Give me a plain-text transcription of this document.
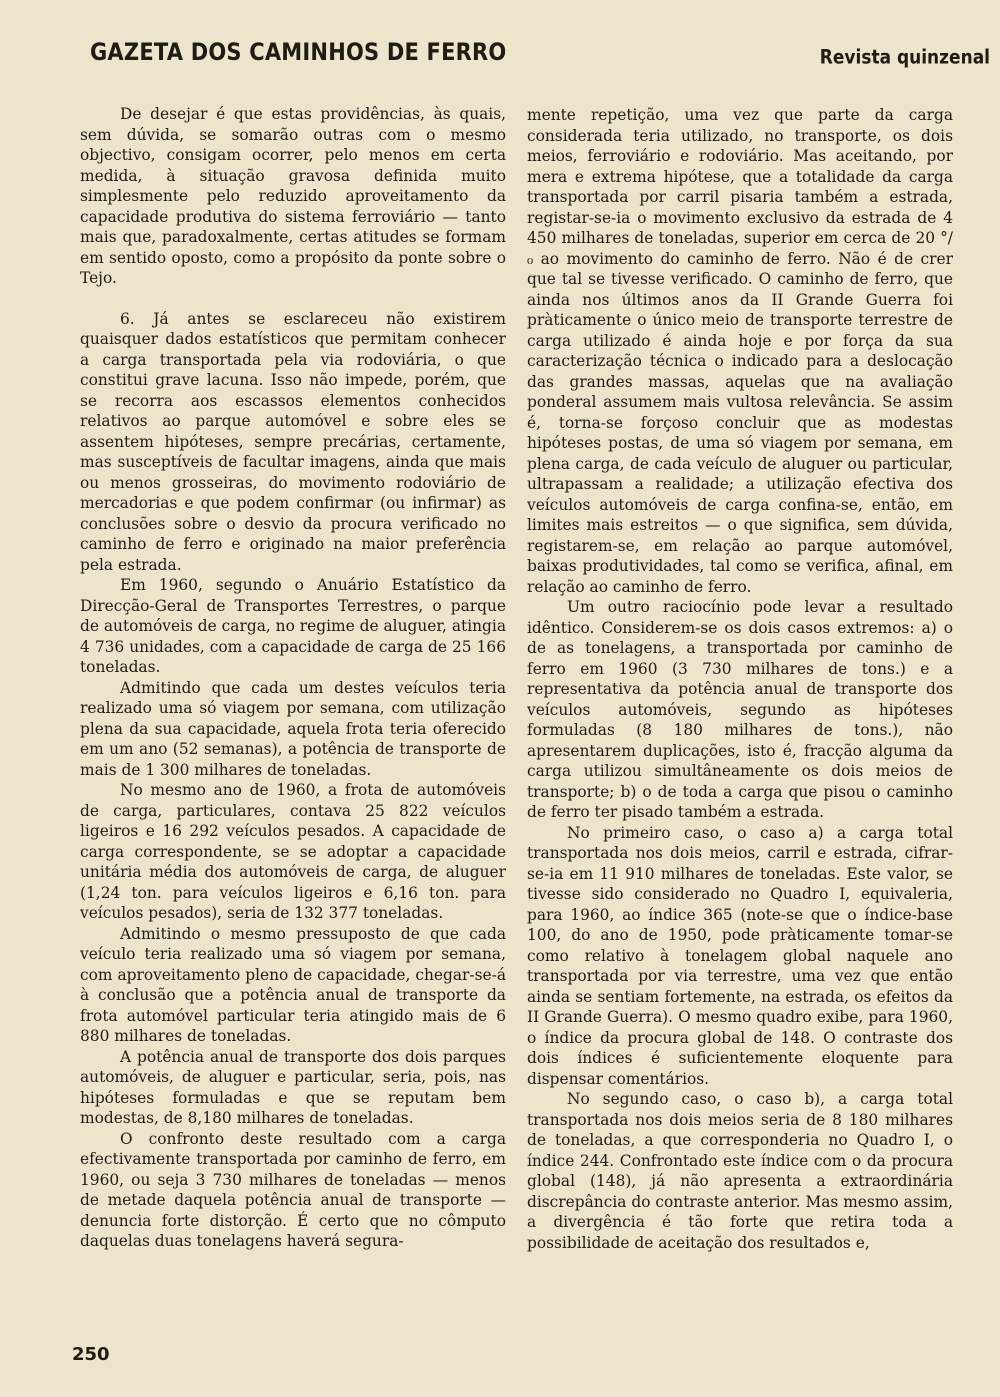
GAZETA DOS CAMINHOS DE FERRO	Revista quinzenal

De desejar é que estas providências, às quais, sem dúvida, se somarão outras com o mesmo objectivo, consigam ocorrer, pelo menos em certa medida, à situação gravosa definida muito simplesmente pelo reduzido aproveitamento da capacidade produtiva do sistema ferroviário — tanto mais que, paradoxalmente, certas atitudes se formam em sentido oposto, como a propósito da ponte sobre o Tejo.

6. Já antes se esclareceu não existirem quaisquer dados estatísticos que permitam conhecer a carga transportada pela via rodoviária, o que constitui grave lacuna. Isso não impede, porém, que se recorra aos escassos elementos conhecidos relativos ao parque automóvel e sobre eles se assentem hipóteses, sempre precárias, certamente, mas susceptíveis de facultar imagens, ainda que mais ou menos grosseiras, do movimento rodoviário de mercadorias e que podem confirmar (ou infirmar) as conclusões sobre o desvio da procura verificado no caminho de ferro e originado na maior preferência pela estrada.

Em 1960, segundo o Anuário Estatístico da Direcção-Geral de Transportes Terrestres, o parque de automóveis de carga, no regime de aluguer, atingia 4 736 unidades, com a capacidade de carga de 25 166 toneladas.

Admitindo que cada um destes veículos teria realizado uma só viagem por semana, com utilização plena da sua capacidade, aquela frota teria oferecido em um ano (52 semanas), a potência de transporte de mais de 1 300 milhares de toneladas.

No mesmo ano de 1960, a frota de automóveis de carga, particulares, contava 25 822 veículos ligeiros e 16 292 veículos pesados. A capacidade de carga correspondente, se se adoptar a capacidade unitária média dos automóveis de carga, de aluguer (1,24 ton. para veículos ligeiros e 6,16 ton. para veículos pesados), seria de 132 377 toneladas.

Admitindo o mesmo pressuposto de que cada veículo teria realizado uma só viagem por semana, com aproveitamento pleno de capacidade, chegar-se-á à conclusão que a potência anual de transporte da frota automóvel particular teria atingido mais de 6 880 milhares de toneladas.

A potência anual de transporte dos dois parques automóveis, de aluguer e particular, seria, pois, nas hipóteses formuladas e que se reputam bem modestas, de 8,180 milhares de toneladas.

O confronto deste resultado com a carga efectivamente transportada por caminho de ferro, em 1960, ou seja 3 730 milhares de toneladas — menos de metade daquela potência anual de transporte — denuncia forte distorção. É certo que no cômputo daquelas duas tonelagens haverá segura-

mente repetição, uma vez que parte da carga considerada teria utilizado, no transporte, os dois meios, ferroviário e rodoviário. Mas aceitando, por mera e extrema hipótese, que a totalidade da carga transportada por carril pisaria também a estrada, registar-se-ia o movimento exclusivo da estrada de 4 450 milhares de toneladas, superior em cerca de 20 °/₀ ao movimento do caminho de ferro. Não é de crer que tal se tivesse verificado. O caminho de ferro, que ainda nos últimos anos da II Grande Guerra foi pràticamente o único meio de transporte terrestre de carga utilizado é ainda hoje e por força da sua caracterização técnica o indicado para a deslocação das grandes massas, aquelas que na avaliação ponderal assumem mais vultosa relevância. Se assim é, torna-se forçoso concluir que as modestas hipóteses postas, de uma só viagem por semana, em plena carga, de cada veículo de aluguer ou particular, ultrapassam a realidade; a utilização efectiva dos veículos automóveis de carga confina-se, então, em limites mais estreitos — o que significa, sem dúvida, registarem-se, em relação ao parque automóvel, baixas produtividades, tal como se verifica, afinal, em relação ao caminho de ferro.

Um outro raciocínio pode levar a resultado idêntico. Considerem-se os dois casos extremos: a) o de as tonelagens, a transportada por caminho de ferro em 1960 (3 730 milhares de tons.) e a representativa da potência anual de transporte dos veículos automóveis, segundo as hipóteses formuladas (8 180 milhares de tons.), não apresentarem duplicações, isto é, fracção alguma da carga utilizou simultâneamente os dois meios de transporte; b) o de toda a carga que pisou o caminho de ferro ter pisado também a estrada.

No primeiro caso, o caso a) a carga total transportada nos dois meios, carril e estrada, cifrar-se-ia em 11 910 milhares de toneladas. Este valor, se tivesse sido considerado no Quadro I, equivaleria, para 1960, ao índice 365 (note-se que o índice-base 100, do ano de 1950, pode pràticamente tomar-se como relativo à tonelagem global naquele ano transportada por via terrestre, uma vez que então ainda se sentiam fortemente, na estrada, os efeitos da II Grande Guerra). O mesmo quadro exibe, para 1960, o índice da procura global de 148. O contraste dos dois índices é suficientemente eloquente para dispensar comentários.

No segundo caso, o caso b), a carga total transportada nos dois meios seria de 8 180 milhares de toneladas, a que corresponderia no Quadro I, o índice 244. Confrontado este índice com o da procura global (148), já não apresenta a extraordinária discrepância do contraste anterior. Mas mesmo assim, a divergência é tão forte que retira toda a possibilidade de aceitação dos resultados e,

250
